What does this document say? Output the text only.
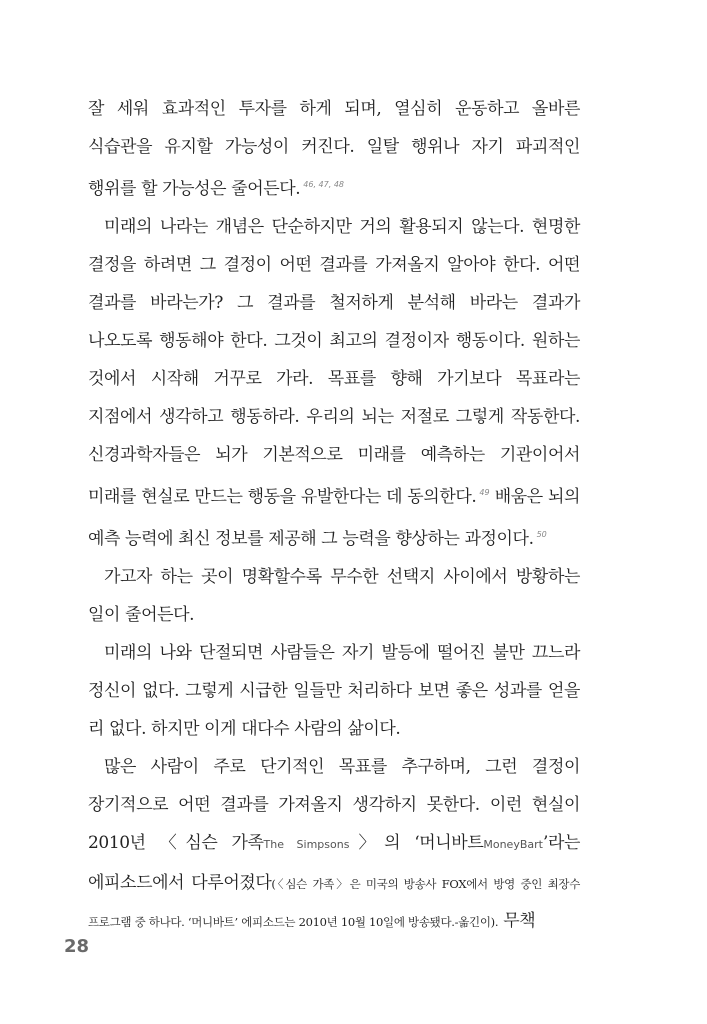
잘 세워 효과적인 투자를 하게 되며, 열심히 운동하고 올바른 식습관을 유지할 가능성이 커진다. 일탈 행위나 자기 파괴적인 행위를 할 가능성은 줄어든다. $^{46, 47, 48}$

미래의 나라는 개념은 단순하지만 거의 활용되지 않는다. 현명한 결정을 하려면 그 결정이 어떤 결과를 가져올지 알아야 한다. 어떤 결과를 바라는가? 그 결과를 철저하게 분석해 바라는 결과가 나오도록 행동해야 한다. 그것이 최고의 결정이자 행동이다. 원하는 것에서 시작해 거꾸로 가라. 목표를 향해 가기보다 목표라는 지점에서 생각하고 행동하라. 우리의 뇌는 저절로 그렇게 작동한다. 신경과학자들은 뇌가 기본적으로 미래를 예측하는 기관이어서 미래를 현실로 만드는 행동을 유발한다는 데 동의한다. $^{49}$ 배움은 뇌의 예측 능력에 최신 정보를 제공해 그 능력을 향상하는 과정이다. $^{50}$

가고자 하는 곳이 명확할수록 무수한 선택지 사이에서 방황하는 일이 줄어든다.

미래의 나와 단절되면 사람들은 자기 발등에 떨어진 불만 끄느라 정신이 없다. 그렇게 시급한 일들만 처리하다 보면 좋은 성과를 얻을 리 없다. 하지만 이게 대다수 사람의 삶이다.

많은 사람이 주로 단기적인 목표를 추구하며, 그런 결정이 장기적으로 어떤 결과를 가져올지 생각하지 못한다. 이런 현실이 2010년 〈심슨 가족The Simpsons〉의 ‘머니바트MoneyBart’라는 에피소드에서 다루어졌다(〈심슨 가족〉은 미국의 방송사 FOX에서 방영 중인 최장수 프로그램 중 하나다. ‘머니바트’ 에피소드는 2010년 10월 10일에 방송됐다.-옮긴이). 무책

28
